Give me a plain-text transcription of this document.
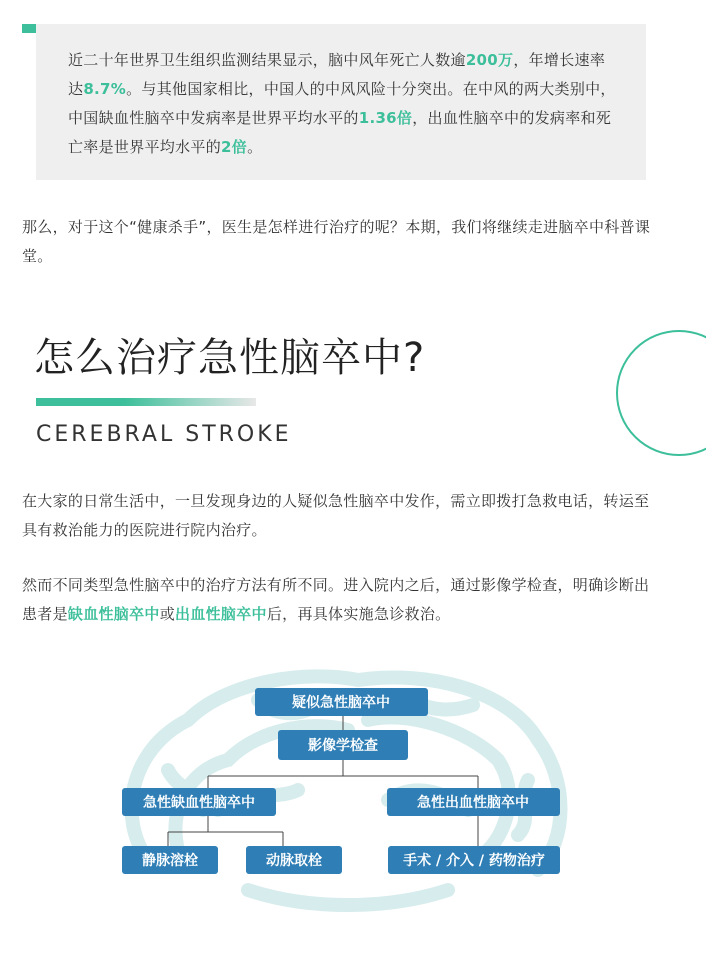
近二十年世界卫生组织监测结果显示，脑中风年死亡人数逾200万，年增长速率达8.7%。与其他国家相比，中国人的中风风险十分突出。在中风的两大类别中，中国缺血性脑卒中发病率是世界平均水平的1.36倍，出血性脑卒中的发病率和死亡率是世界平均水平的2倍。
那么，对于这个“健康杀手”，医生是怎样进行治疗的呢？本期，我们将继续走进脑卒中科普课堂。
怎么治疗急性脑卒中?
CEREBRAL STROKE
在大家的日常生活中，一旦发现身边的人疑似急性脑卒中发作，需立即拨打急救电话，转运至具有救治能力的医院进行院内治疗。
然而不同类型急性脑卒中的治疗方法有所不同。进入院内之后，通过影像学检查，明确诊断出患者是缺血性脑卒中或出血性脑卒中后，再具体实施急诊救治。
疑似急性脑卒中
影像学检查
急性缺血性脑卒中	急性出血性脑卒中
静脉溶栓	动脉取栓	手术 / 介入 / 药物治疗
